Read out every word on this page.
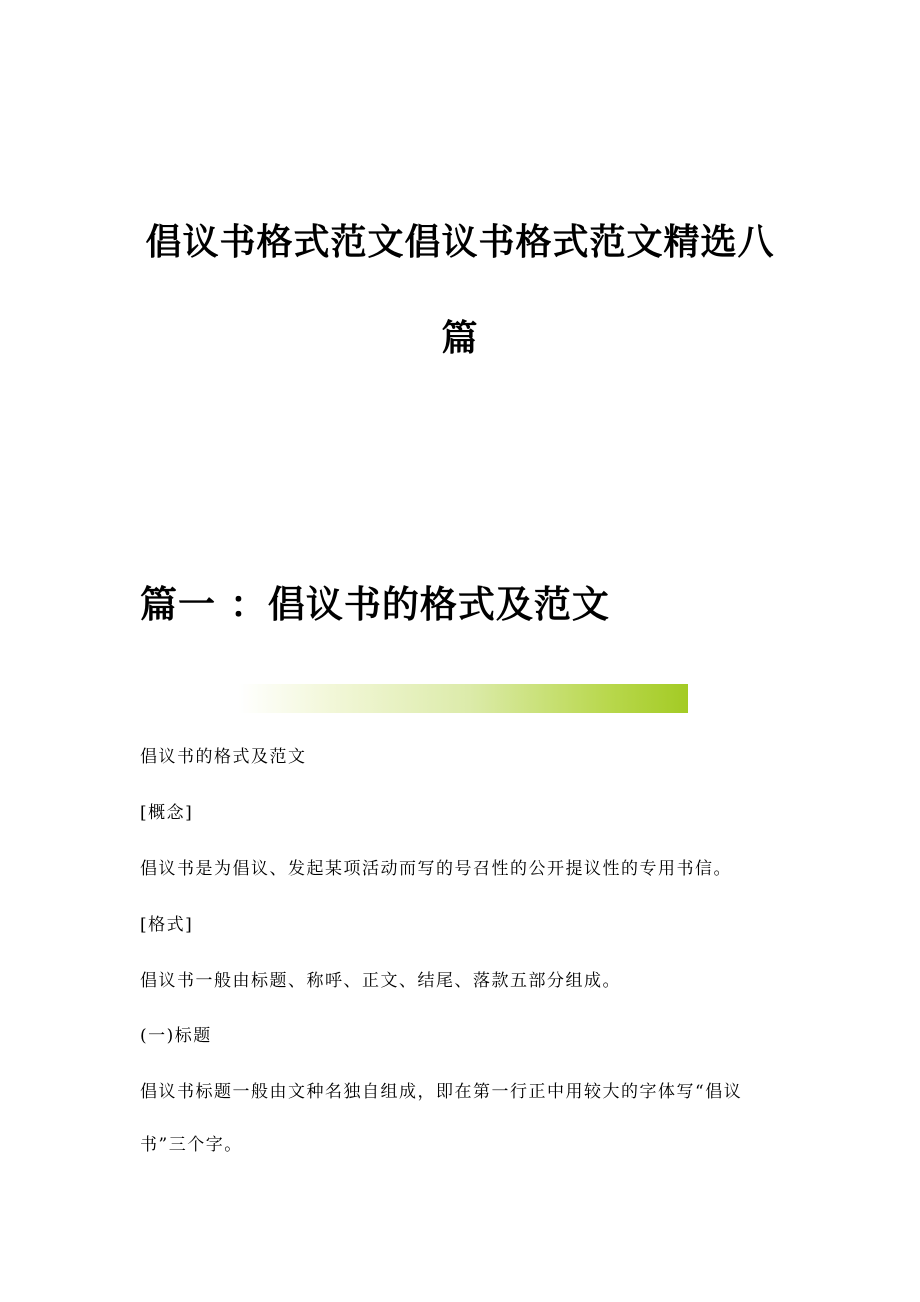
倡议书格式范文倡议书格式范文精选八
篇
篇一 ：倡议书的格式及范文
倡议书的格式及范文
[概念]
倡议书是为倡议、发起某项活动而写的号召性的公开提议性的专用书信。
[格式]
倡议书一般由标题、称呼、正文、结尾、落款五部分组成。
(一)标题
倡议书标题一般由文种名独自组成，即在第一行正中用较大的字体写“倡议
书”三个字。
